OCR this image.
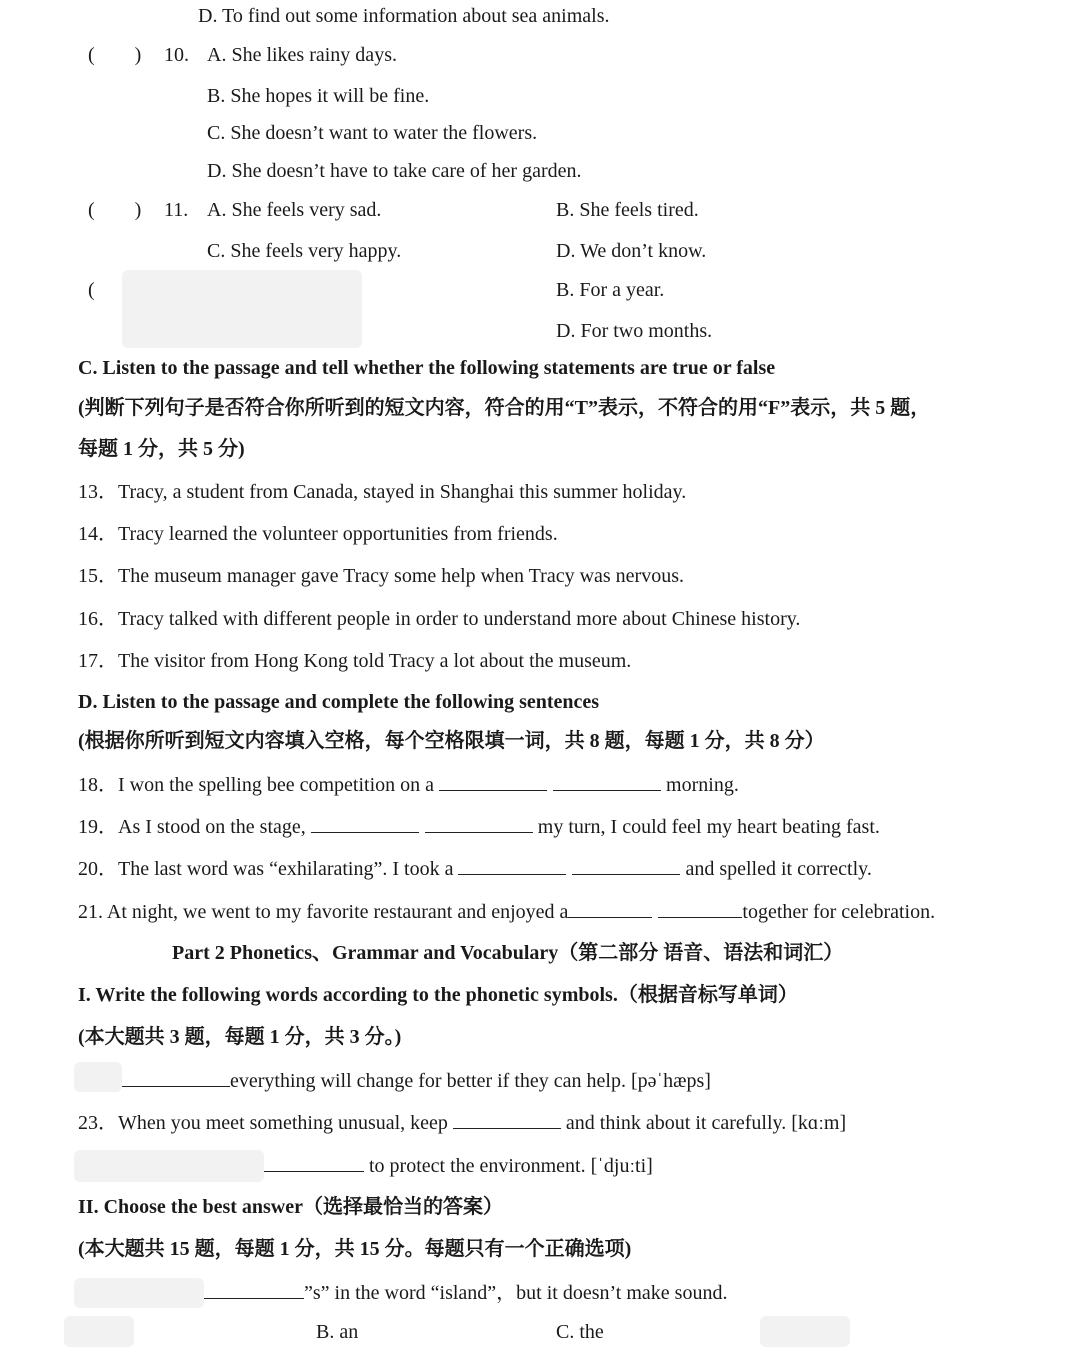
D. To find out some information about sea animals.
( ) 10. A. She likes rainy days.
B. She hopes it will be fine.
C. She doesn’t want to water the flowers.
D. She doesn’t have to take care of her garden.
( ) 11. A. She feels very sad.	B. She feels tired.
C. She feels very happy.	D. We don’t know.
(	B. For a year.
D. For two months.
C. Listen to the passage and tell whether the following statements are true or false
(判断下列句子是否符合你所听到的短文内容，符合的用“T”表示，不符合的用“F”表示，共 5 题，
每题 1 分，共 5 分)
13．Tracy, a student from Canada, stayed in Shanghai this summer holiday.
14．Tracy learned the volunteer opportunities from friends.
15．The museum manager gave Tracy some help when Tracy was nervous.
16．Tracy talked with different people in order to understand more about Chinese history.
17．The visitor from Hong Kong told Tracy a lot about the museum.
D. Listen to the passage and complete the following sentences
(根据你所听到短文内容填入空格，每个空格限填一词，共 8 题，每题 1 分，共 8 分）
18．I won the spelling bee competition on a	morning.
19．As I stood on the stage,	my turn, I could feel my heart beating fast.
20．The last word was “exhilarating”. I took a	and spelled it correctly.
21. At night, we went to my favorite restaurant and enjoyed a	together for celebration.
Part 2 Phonetics、Grammar and Vocabulary（第二部分 语音、语法和词汇）
I. Write the following words according to the phonetic symbols.（根据音标写单词）
(本大题共 3 题，每题 1 分，共 3 分。)
everything will change for better if they can help. [pəˈhæps]
23．When you meet something unusual, keep	and think about it carefully. [kɑːm]
to protect the environment. [ˈdjuːti]
II. Choose the best answer（选择最恰当的答案）
(本大题共 15 题，每题 1 分，共 15 分。每题只有一个正确选项)
”s” in the word “island”，but it doesn’t make sound.
B. an	C. the
